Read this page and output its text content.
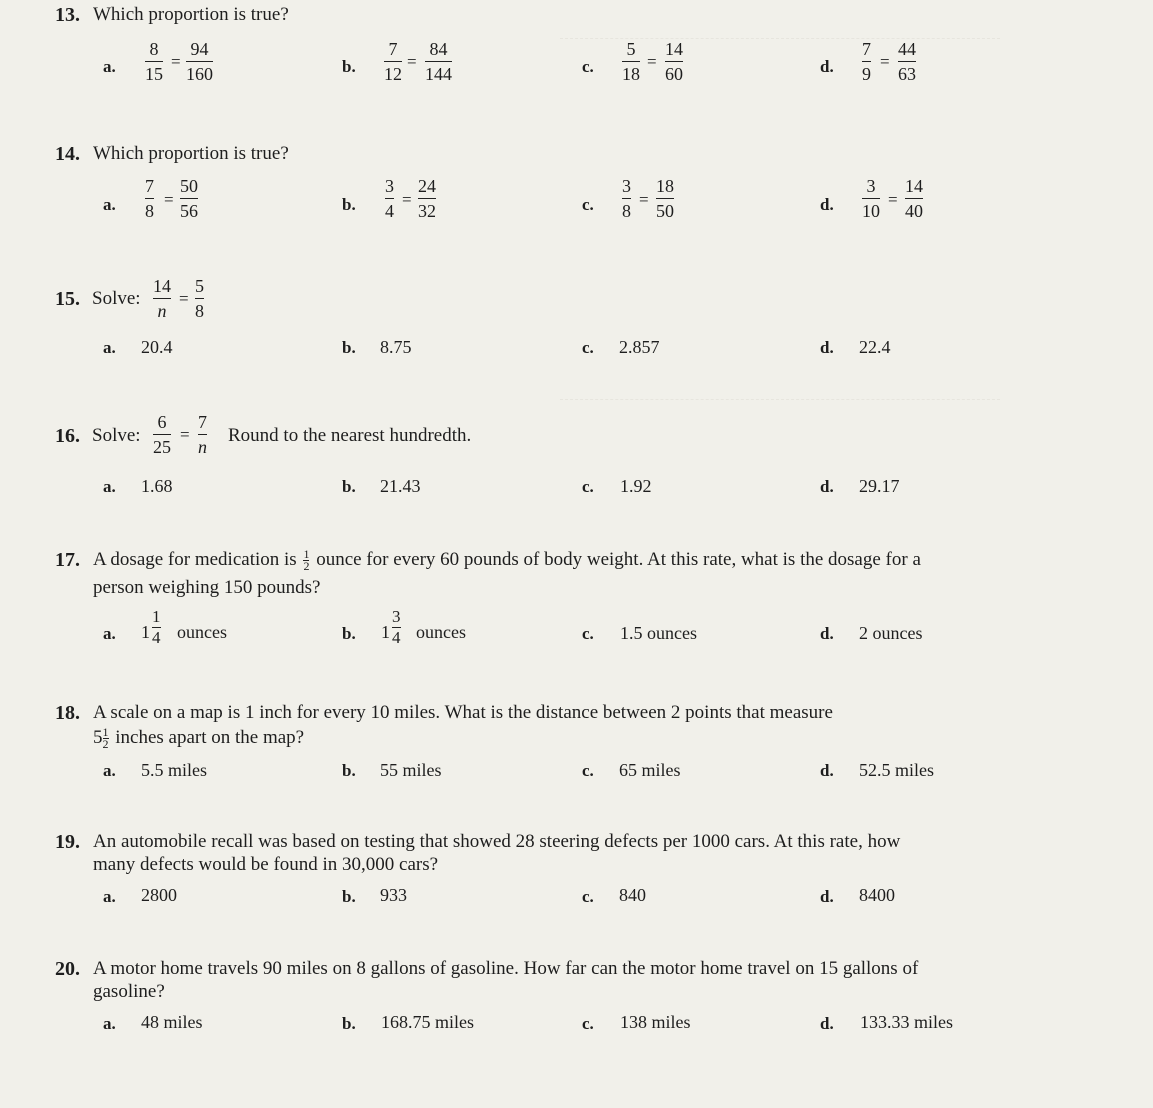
13. Which proportion is true?
a.
8
15
=
94
160	b.
7
12
=
84
144	c.
5
18
=
14
60	d.
7
9
=
44
63
14. Which proportion is true?
a.
7
8
=
50
56	b.
3
4
=
24
32	c.
3
8
=
18
50	d.
3
10
=
14
40
15. Solve:
14
n
=
5
8
a. 20.4	b. 8.75	c. 2.857	d. 22.4
16. Solve:
6
25
=
7
n
Round to the nearest hundredth.
a. 1.68	b. 21.43	c. 1.92	d. 29.17
17. A dosage for medication is $\frac{1}{2}$ ounce for every 60 pounds of body weight. At this rate, what is the dosage for a
person weighing 150 pounds?
a. 1
1
4 ounces	b. 1
3
4 ounces	c. 1.5 ounces	d. 2 ounces
18. A scale on a map is 1 inch for every 10 miles. What is the distance between 2 points that measure
$5\frac{1}{2}$ inches apart on the map?
a. 5.5 miles	b. 55 miles	c. 65 miles	d. 52.5 miles
19. An automobile recall was based on testing that showed 28 steering defects per 1000 cars. At this rate, how
many defects would be found in 30,000 cars?
a. 2800	b. 933	c. 840	d. 8400
20. A motor home travels 90 miles on 8 gallons of gasoline. How far can the motor home travel on 15 gallons of
gasoline?
a. 48 miles	b. 168.75 miles	c. 138 miles	d. 133.33 miles
